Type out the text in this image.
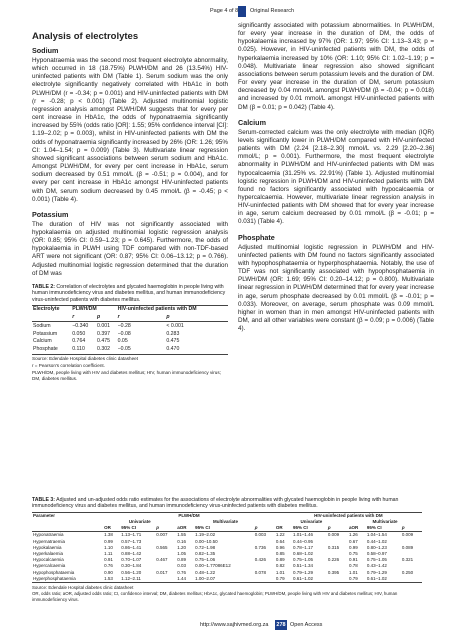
Page 4 of 8 Original Research
Analysis of electrolytes
Sodium

Hyponatraemia was the second most frequent electrolyte abnormality, which occurred in 18 (18.75%) PLWH/DM and 26 (13.54%) HIV-uninfected patients with DM (Table 1). Serum sodium was the only electrolyte significantly negatively correlated with HbA1c in both PLWH/DM (r = -0.34; p = 0.001) and HIV-uninfected patients with DM (r = -0.28; p < 0.001) (Table 2). Adjusted multinomial logistic regression analysis amongst PLWH/DM suggests that for every per cent increase in HbA1c, the odds of hyponatraemia significantly increased by 55% (odds ratio [OR]: 1.55; 95% confidence interval [CI]: 1.19–2.02; p = 0.003), whilst in HIV-uninfected patients with DM the odds of hyponatraemia significantly increased by 26% (OR: 1.26; 95% CI: 1.04–1.54; p = 0.009) (Table 3). Multivariate linear regression showed significant associations between serum sodium and HbA1c. Amongst PLWH/DM, for every per cent increase in HbA1c, serum sodium decreased by 0.51 mmol/L (β = -0.51; p = 0.004), and for every per cent increase in HbA1c amongst HIV-uninfected patients with DM, serum sodium decreased by 0.45 mmol/L (β = -0.45; p < 0.001) (Table 4).

Potassium

The duration of HIV was not significantly associated with hypokalaemia on adjusted multinomial logistic regression analysis (OR: 0.85; 95% CI: 0.59–1.23; p = 0.645). Furthermore, the odds of hypokalaemia in PLWH using TDF compared with non-TDF-based ART were not significant (OR: 0.87; 95% CI: 0.06–13.12; p = 0.766). Adjusted multinomial logistic regression determined that the duration of DM was

TABLE 2: Correlation of electrolytes and glycated haemoglobin in people living with human immunodeficiency virus and diabetes mellitus, and human immunodeficiency virus-uninfected patients with diabetes mellitus.
Electrolyte	PLWH/DM		HIV-uninfected patients with DM	
	r	p	r	p
Sodium	−0.340	0.001	−0.28	< 0.001
Potassium	0.050	0.397	−0.08	0.283
Calcium	0.764	0.475	0.05	0.475
Phosphate	0.110	0.302	−0.05	0.470
Source: Edendale Hospital diabetes clinic datasheet
r = Pearson's correlation coefficient.
PLWH/DM, people living with HIV and diabetes mellitus; HIV, human immunodeficiency virus; DM, diabetes mellitus.

significantly associated with potassium abnormalities. In PLWH/DM, for every year increase in the duration of DM, the odds of hypokalaemia increased by 97% (OR: 1.97; 95% CI: 1.13–3.43; p = 0.025). However, in HIV-uninfected patients with DM, the odds of hyperkalaemia increased by 10% (OR: 1.10; 95% CI: 1.02–1.19; p = 0.048). Multivariate linear regression also showed significant associations between serum potassium levels and the duration of DM. For every year increase in the duration of DM, serum potassium decreased by 0.04 mmol/L amongst PLWH/DM (β = -0.04; p = 0.018) and increased by 0.01 mmol/L amongst HIV-uninfected patients with DM (β = 0.01; p = 0.042) (Table 4).

Calcium

Serum-corrected calcium was the only electrolyte with median (IQR) levels significantly lower in PLWH/DM compared with HIV-uninfected patients with DM (2.24 [2.18–2.30] mmol/L vs. 2.29 [2.20–2.36] mmol/L; p = 0.001). Furthermore, the most frequent electrolyte abnormality in PLWH/DM and HIV-uninfected patients with DM was hypocalcaemia (31.25% vs. 22.91%) (Table 1). Adjusted multinomial logistic regression in PLWH/DM and HIV-uninfected patients with DM found no factors significantly associated with hypocalcaemia or hypercalcaemia. However, multivariate linear regression analysis in HIV-uninfected patients with DM showed that for every year increase in age, serum calcium decreased by 0.01 mmol/L (β = -0.01; p = 0.031) (Table 4).

Phosphate

Adjusted multinomial logistic regression in PLWH/DM and HIV-uninfected patients with DM found no factors significantly associated with hypophosphataemia or hyperphosphataemia. Notably, the use of TDF was not significantly associated with hypophosphataemia in PLWH/DM (OR: 1.69; 95% CI: 0.20–14.12; p = 0.800). Multivariate linear regression in PLWH/DM determined that for every year increase in age, serum phosphate decreased by 0.01 mmol/L (β = -0.01; p = 0.033). Moreover, on average, serum phosphate was 0.09 mmol/L higher in women than in men amongst HIV-uninfected patients with DM, and all other variables were constant (β = 0.09; p = 0.006) (Table 4).

TABLE 3: Adjusted and un-adjusted odds ratio estimates for the associations of electrolyte abnormalities with glycated haemoglobin in people living with human immunodeficiency virus and diabetes mellitus, and human immunodeficiency virus-uninfected patients with diabetes mellitus.
Parameter	PLWH/DM						HIV-uninfected patients with DM					
	Univariate			Multivariate			Univariate			Multivariate		
	OR	95% CI	p	aOR	95% CI	p	OR	95% CI	p	aOR	95% CI	p
Hyponatraemia	1.38	1.13–1.71	0.007	1.55	1.19–2.02	0.003	1.22	1.01–1.46	0.009	1.26	1.04–1.54	0.009
Hypernatraemia	0.99	0.57–1.73		0.16	0.00–10.50		0.64	0.44–0.95		0.67	0.44–1.02	
Hypokalaemia	1.10	0.86–1.41	0.565	1.20	0.72–1.98	0.736	0.96	0.78–1.17	0.315	0.99	0.80–1.23	0.089
Hyperkalaemia	1.11	0.88–1.42		1.05	0.82–1.35		0.85	0.68–1.02		0.75	0.58–0.97	
Hypocalcaemia	0.91	0.70–1.07	0.467	0.89	0.75–1.06	0.426	0.89	0.75–1.05	0.226	0.91	0.75–1.05	0.321
Hypercalcaemia	0.76	0.30–1.84		0.03	0.00–1.77086E12		0.82	0.51–1.34		0.78	0.43–1.42	
Hypophosphataemia	0.90	0.56–1.20	0.017	0.76	0.48–1.22	0.078	1.01	0.79–1.29	0.395	1.01	0.79–1.29	0.250
Hyperphosphataemia	1.53	1.12–2.11		1.44	1.00–2.07		0.79	0.61–1.02		0.79	0.61–1.02	
Source: Edendale Hospital diabetes clinic datasheet
OR, odds ratio; aOR, adjusted odds ratio; CI, confidence interval; DM, diabetes mellitus; HbA1c, glycated haemoglobin; PLWH/DM, people living with HIV and diabetes mellitus; HIV, human immunodeficiency virus.
http://www.sajhivmed.org.za 278 Open Access
